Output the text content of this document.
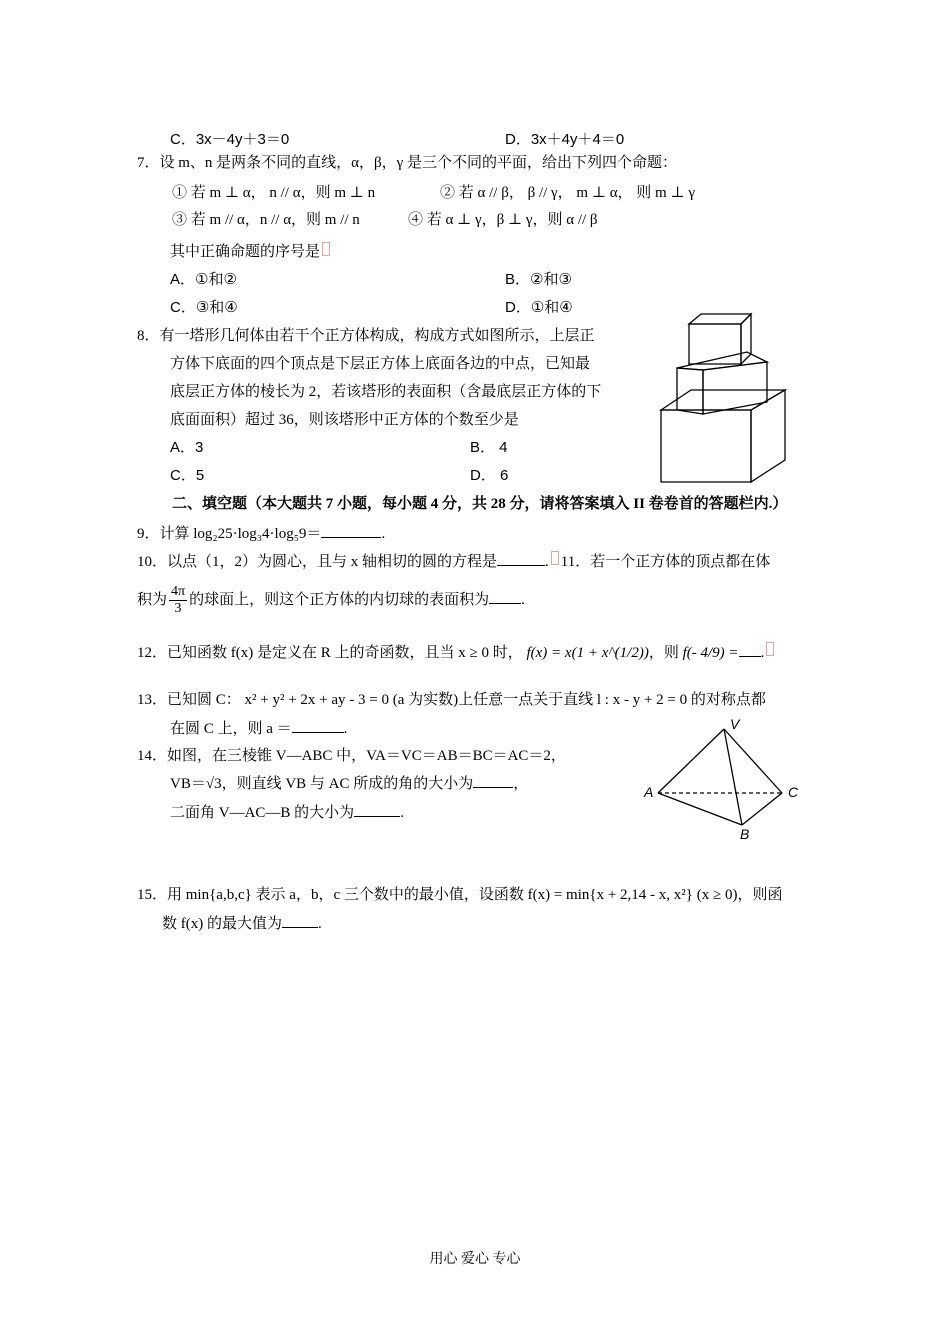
C．3x－4y＋3＝0	D．3x＋4y＋4＝0
7．设 m、n 是两条不同的直线，α，β，γ 是三个不同的平面，给出下列四个命题：
① 若 m ⊥ α， n // α，则 m ⊥ n	② 若 α // β， β // γ， m ⊥ α， 则 m ⊥ γ
③ 若 m // α，n // α，则 m // n	④ 若 α ⊥ γ，β ⊥ γ，则 α // β
其中正确命题的序号是
A．①和②	B．②和③
C．③和④	D．①和④
8．有一塔形几何体由若干个正方体构成，构成方式如图所示，上层正
方体下底面的四个顶点是下层正方体上底面各边的中点，已知最
底层正方体的棱长为 2，若该塔形的表面积（含最底层正方体的下
底面面积）超过 36，则该塔形中正方体的个数至少是
A．3	B． 4
C．5	D． 6
二、填空题（本大题共 7 小题，每小题 4 分，共 28 分，请将答案填入 II 卷卷首的答题栏内.）
9．计算 log₂25·log₃4·log₅9＝	.
10．以点（1，2）为圆心，且与 x 轴相切的圆的方程是	. 11．若一个正方体的顶点都在体
积为 $\frac{4\pi}{3}$ 的球面上，则这个正方体的内切球的表面积为 .
12．已知函数 f(x) 是定义在 R 上的奇函数，且当 x ≥ 0 时， f(x) = x(1 + x^(1/2))，则 f(- 4/9) = .
13．已知圆 C： x² + y² + 2x + ay - 3 = 0 (a 为实数)上任意一点关于直线 l : x - y + 2 = 0 的对称点都
在圆 C 上，则 a ＝	.
14．如图，在三棱锥 V—ABC 中，VA＝VC＝AB＝BC＝AC＝2，
VB＝√3，则直线 VB 与 AC 所成的角的大小为	，
二面角 V—AC—B 的大小为	.
V
A	C
B
15．用 min{a,b,c} 表示 a，b，c 三个数中的最小值，设函数 f(x) = min{x + 2,14 - x, x²} (x ≥ 0)，则函
数 f(x) 的最大值为 .
用心 爱心 专心
